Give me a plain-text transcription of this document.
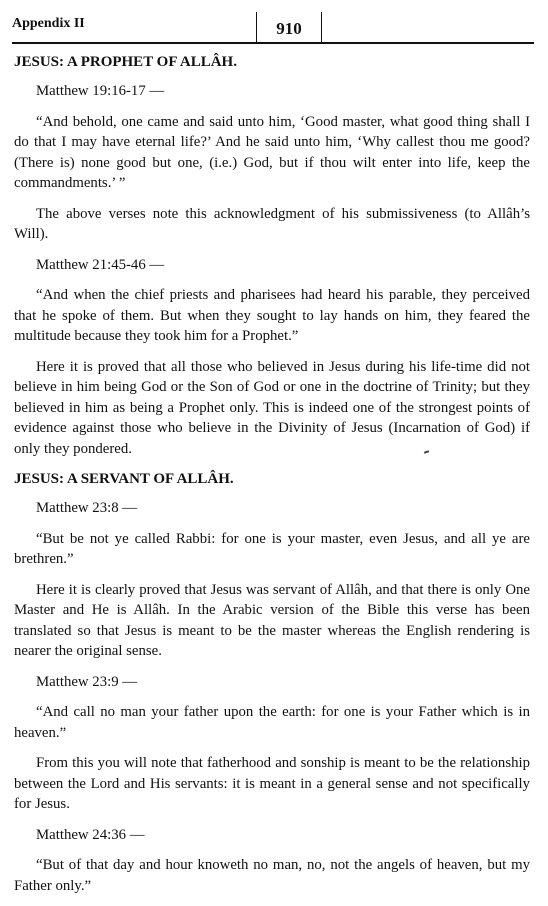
Appendix II	910
JESUS: A PROPHET OF ALLÂH.

Matthew 19:16-17 —

“And behold, one came and said unto him, ‘Good master, what good thing shall I do that I may have eternal life?’ And he said unto him, ‘Why callest thou me good? (There is) none good but one, (i.e.) God, but if thou wilt enter into life, keep the commandments.’ ”

The above verses note this acknowledgment of his submissiveness (to Allâh’s Will).

Matthew 21:45-46 —

“And when the chief priests and pharisees had heard his parable, they perceived that he spoke of them. But when they sought to lay hands on him, they feared the multitude because they took him for a Prophet.”

Here it is proved that all those who believed in Jesus during his life-time did not believe in him being God or the Son of God or one in the doctrine of Trinity; but they believed in him as being a Prophet only. This is indeed one of the strongest points of evidence against those who believe in the Divinity of Jesus (Incarnation of God) if only they pondered.

JESUS: A SERVANT OF ALLÂH.

Matthew 23:8 —

“But be not ye called Rabbi: for one is your master, even Jesus, and all ye are brethren.”

Here it is clearly proved that Jesus was servant of Allâh, and that there is only One Master and He is Allâh. In the Arabic version of the Bible this verse has been translated so that Jesus is meant to be the master whereas the English rendering is nearer the original sense.

Matthew 23:9 —

“And call no man your father upon the earth: for one is your Father which is in heaven.”

From this you will note that fatherhood and sonship is meant to be the relationship between the Lord and His servants: it is meant in a general sense and not specifically for Jesus.

Matthew 24:36 —

“But of that day and hour knoweth no man, no, not the angels of heaven, but my Father only.”
